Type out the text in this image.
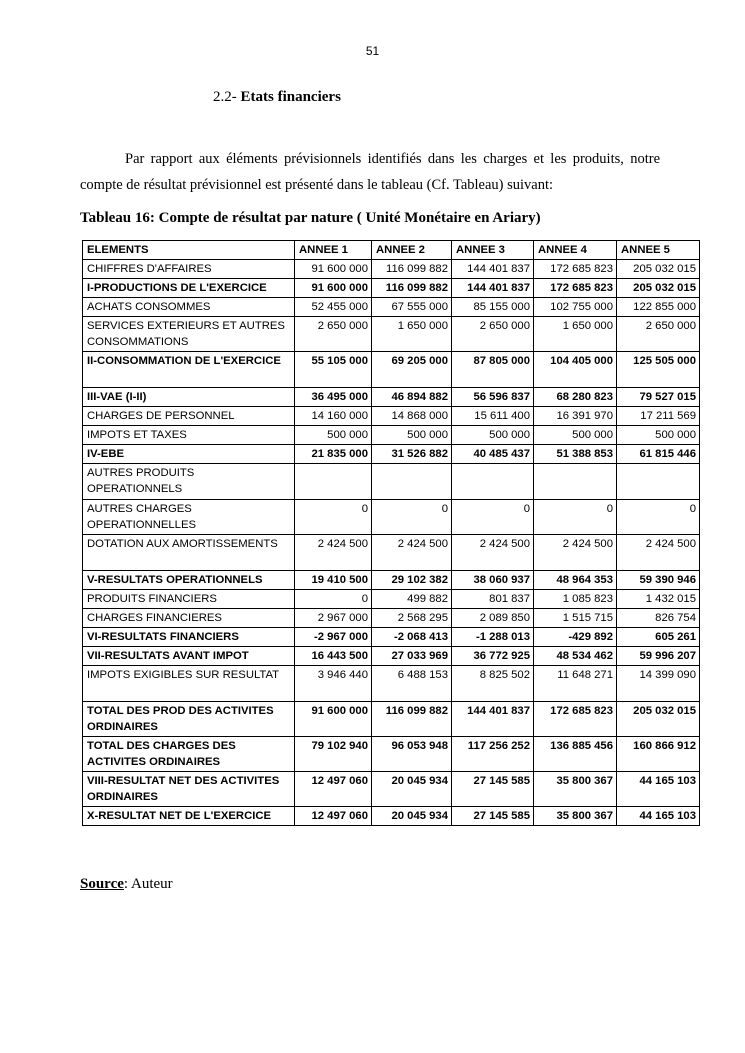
51
2.2- Etats financiers
Par rapport aux éléments prévisionnels identifiés dans les charges et les produits, notre
compte de résultat prévisionnel est présenté dans le tableau (Cf. Tableau) suivant:
Tableau 16: Compte de résultat par nature ( Unité Monétaire en Ariary)
ELEMENTS	ANNEE 1	ANNEE 2	ANNEE 3	ANNEE 4	ANNEE 5
CHIFFRES D'AFFAIRES	91 600 000	116 099 882	144 401 837	172 685 823	205 032 015
I-PRODUCTIONS DE L'EXERCICE	91 600 000	116 099 882	144 401 837	172 685 823	205 032 015
ACHATS CONSOMMES	52 455 000	67 555 000	85 155 000	102 755 000	122 855 000
SERVICES EXTERIEURS ET AUTRES CONSOMMATIONS	2 650 000	1 650 000	2 650 000	1 650 000	2 650 000
II-CONSOMMATION DE L'EXERCICE	55 105 000	69 205 000	87 805 000	104 405 000	125 505 000
III-VAE (I-II)	36 495 000	46 894 882	56 596 837	68 280 823	79 527 015
CHARGES DE PERSONNEL	14 160 000	14 868 000	15 611 400	16 391 970	17 211 569
IMPOTS ET TAXES	500 000	500 000	500 000	500 000	500 000
IV-EBE	21 835 000	31 526 882	40 485 437	51 388 853	61 815 446
AUTRES PRODUITS OPERATIONNELS					
AUTRES CHARGES OPERATIONNELLES	0	0	0	0	0
DOTATION AUX AMORTISSEMENTS	2 424 500	2 424 500	2 424 500	2 424 500	2 424 500
V-RESULTATS OPERATIONNELS	19 410 500	29 102 382	38 060 937	48 964 353	59 390 946
PRODUITS FINANCIERS	0	499 882	801 837	1 085 823	1 432 015
CHARGES FINANCIERES	2 967 000	2 568 295	2 089 850	1 515 715	826 754
VI-RESULTATS FINANCIERS	-2 967 000	-2 068 413	-1 288 013	-429 892	605 261
VII-RESULTATS AVANT IMPOT	16 443 500	27 033 969	36 772 925	48 534 462	59 996 207
IMPOTS EXIGIBLES SUR RESULTAT	3 946 440	6 488 153	8 825 502	11 648 271	14 399 090
TOTAL DES PROD DES ACTIVITES ORDINAIRES	91 600 000	116 099 882	144 401 837	172 685 823	205 032 015
TOTAL DES CHARGES DES ACTIVITES ORDINAIRES	79 102 940	96 053 948	117 256 252	136 885 456	160 866 912
VIII-RESULTAT NET DES ACTIVITES ORDINAIRES	12 497 060	20 045 934	27 145 585	35 800 367	44 165 103
X-RESULTAT NET DE L'EXERCICE	12 497 060	20 045 934	27 145 585	35 800 367	44 165 103
Source: Auteur
